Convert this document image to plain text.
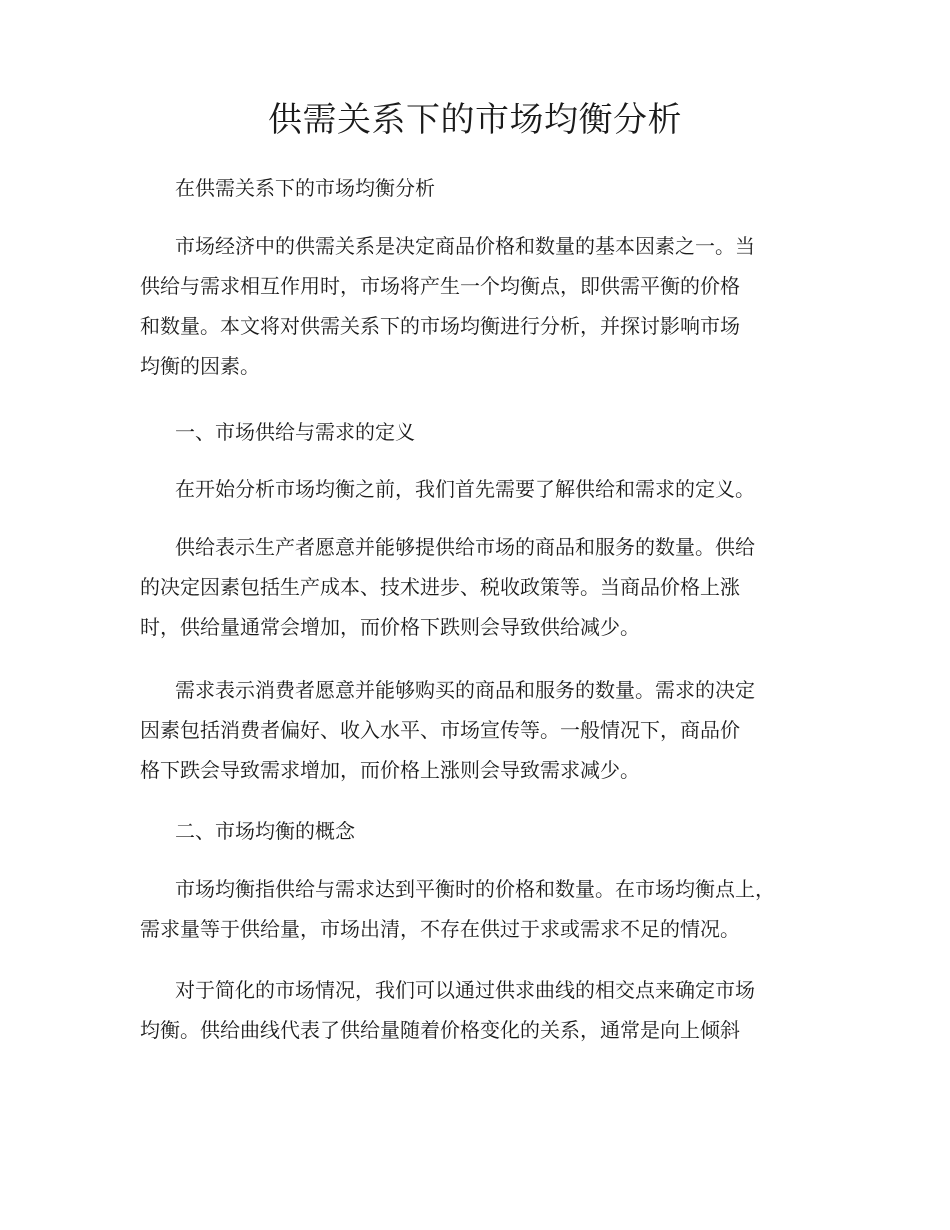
供需关系下的市场均衡分析

在供需关系下的市场均衡分析

市场经济中的供需关系是决定商品价格和数量的基本因素之一。当
供给与需求相互作用时，市场将产生一个均衡点，即供需平衡的价格
和数量。本文将对供需关系下的市场均衡进行分析，并探讨影响市场
均衡的因素。

一、市场供给与需求的定义

在开始分析市场均衡之前，我们首先需要了解供给和需求的定义。

供给表示生产者愿意并能够提供给市场的商品和服务的数量。供给
的决定因素包括生产成本、技术进步、税收政策等。当商品价格上涨
时，供给量通常会增加，而价格下跌则会导致供给减少。

需求表示消费者愿意并能够购买的商品和服务的数量。需求的决定
因素包括消费者偏好、收入水平、市场宣传等。一般情况下，商品价
格下跌会导致需求增加，而价格上涨则会导致需求减少。

二、市场均衡的概念

市场均衡指供给与需求达到平衡时的价格和数量。在市场均衡点上，
需求量等于供给量，市场出清，不存在供过于求或需求不足的情况。

对于简化的市场情况，我们可以通过供求曲线的相交点来确定市场
均衡。供给曲线代表了供给量随着价格变化的关系，通常是向上倾斜
